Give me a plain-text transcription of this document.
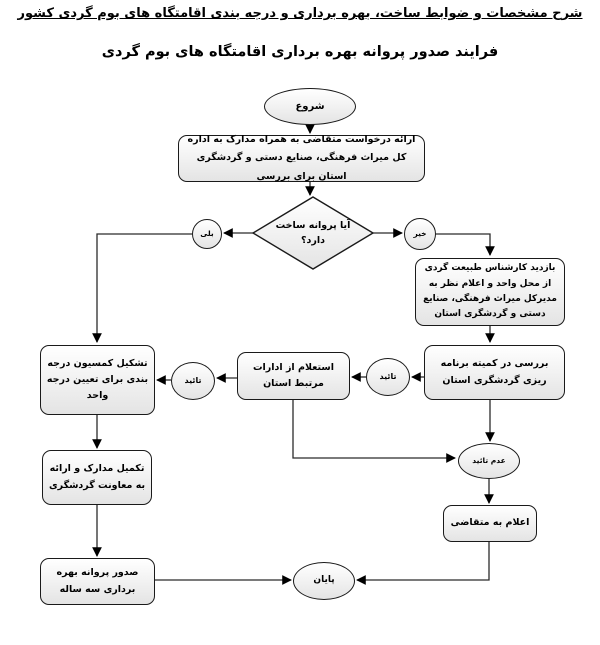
شرح مشخصات و ضوابط ساخت، بهره برداری و درجه بندی اقامتگاه های بوم گردی کشور
فرایند صدور پروانه بهره برداری اقامتگاه های بوم گردی
شروع
ارائه درخواست متقاضی به همراه مدارک به اداره کل میراث فرهنگی، صنایع دستی و گردشگری استان برای بررسی
آیا پروانه ساخت دارد؟
بلی	خیر
بازدید کارشناس طبیعت گردی از محل واحد و اعلام نظر به مدیرکل میراث فرهنگی، صنایع دستی و گردشگری استان
بررسی در کمیته برنامه ریزی گردشگری استان
تائید
استعلام از ادارات مرتبط استان
تائید
تشکیل کمسیون درجه بندی برای تعیین درجه واحد
عدم تائید
اعلام به متقاضی
تکمیل مدارک و ارائه به معاونت گردشگری
صدور پروانه بهره برداری سه ساله
پایان
